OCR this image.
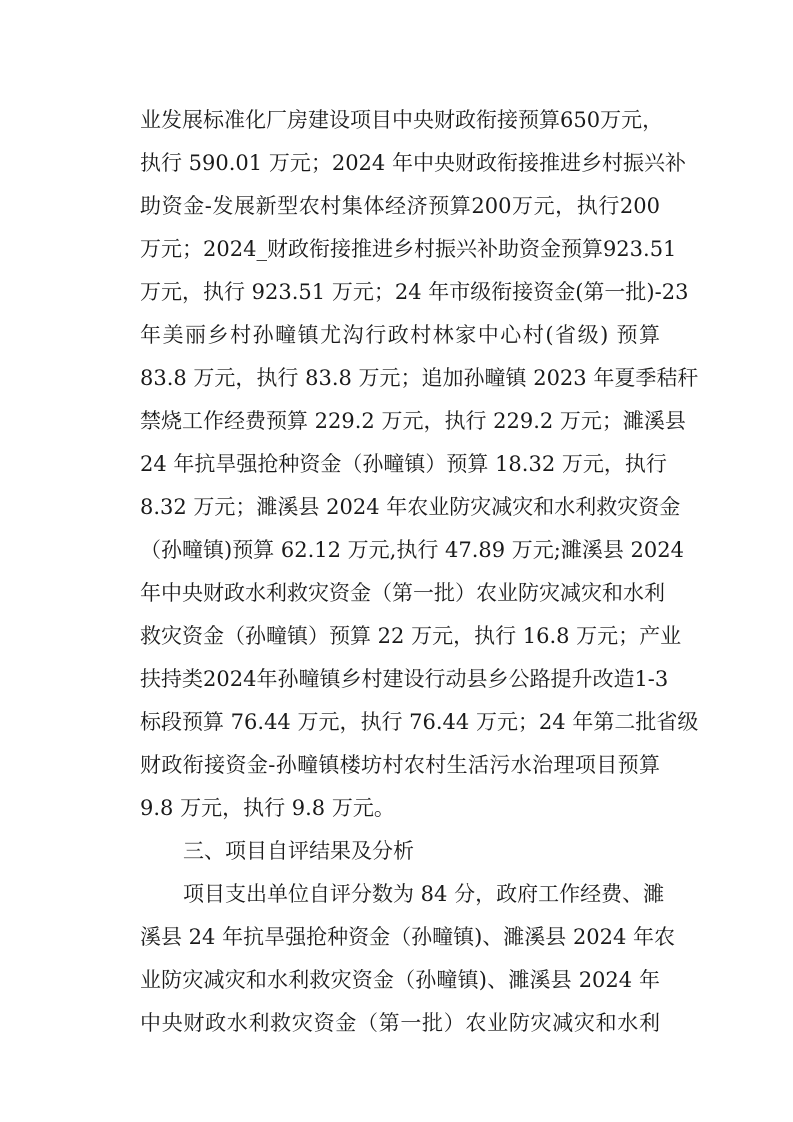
业发展标准化厂房建设项目中央财政衔接预算650万元，
执行 590.01 万元；2024 年中央财政衔接推进乡村振兴补
助资金-发展新型农村集体经济预算200万元，执行200
万元；2024_财政衔接推进乡村振兴补助资金预算923.51
万元，执行 923.51 万元；24 年市级衔接资金(第一批)-23
年美丽乡村孙疃镇尤沟行政村林家中心村(省级) 预算
83.8 万元，执行 83.8 万元；追加孙疃镇 2023 年夏季秸秆
禁烧工作经费预算 229.2 万元，执行 229.2 万元；濉溪县
24 年抗旱强抢种资金（孙疃镇）预算 18.32 万元，执行
8.32 万元；濉溪县 2024 年农业防灾减灾和水利救灾资金
（孙疃镇)预算 62.12 万元,执行 47.89 万元;濉溪县 2024
年中央财政水利救灾资金（第一批）农业防灾减灾和水利
救灾资金（孙疃镇）预算 22 万元，执行 16.8 万元；产业
扶持类2024年孙疃镇乡村建设行动县乡公路提升改造1-3
标段预算 76.44 万元，执行 76.44 万元；24 年第二批省级
财政衔接资金-孙疃镇楼坊村农村生活污水治理项目预算
9.8 万元，执行 9.8 万元。
三、项目自评结果及分析
项目支出单位自评分数为 84 分，政府工作经费、濉
溪县 24 年抗旱强抢种资金（孙疃镇)、濉溪县 2024 年农
业防灾减灾和水利救灾资金（孙疃镇)、濉溪县 2024 年
中央财政水利救灾资金（第一批）农业防灾减灾和水利
